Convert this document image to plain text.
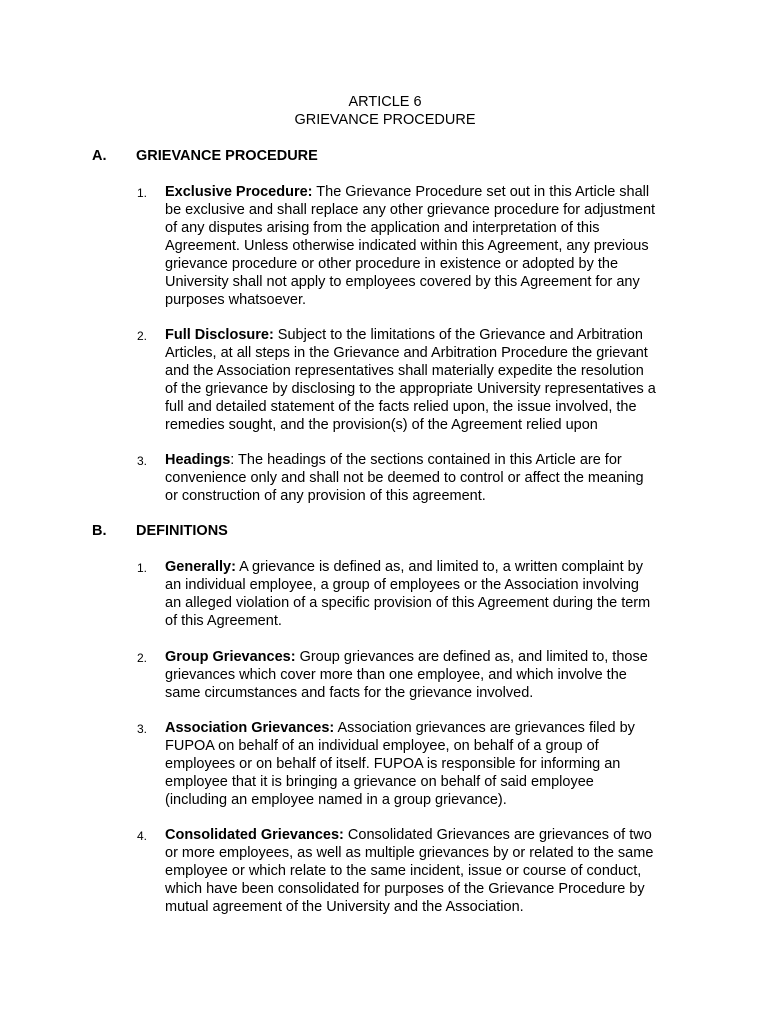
ARTICLE 6
GRIEVANCE PROCEDURE
A. GRIEVANCE PROCEDURE
1. Exclusive Procedure: The Grievance Procedure set out in this Article shall
be exclusive and shall replace any other grievance procedure for adjustment
of any disputes arising from the application and interpretation of this
Agreement. Unless otherwise indicated within this Agreement, any previous
grievance procedure or other procedure in existence or adopted by the
University shall not apply to employees covered by this Agreement for any
purposes whatsoever.
2. Full Disclosure: Subject to the limitations of the Grievance and Arbitration
Articles, at all steps in the Grievance and Arbitration Procedure the grievant
and the Association representatives shall materially expedite the resolution
of the grievance by disclosing to the appropriate University representatives a
full and detailed statement of the facts relied upon, the issue involved, the
remedies sought, and the provision(s) of the Agreement relied upon
3. Headings: The headings of the sections contained in this Article are for
convenience only and shall not be deemed to control or affect the meaning
or construction of any provision of this agreement.
B. DEFINITIONS
1. Generally: A grievance is defined as, and limited to, a written complaint by
an individual employee, a group of employees or the Association involving
an alleged violation of a specific provision of this Agreement during the term
of this Agreement.
2. Group Grievances: Group grievances are defined as, and limited to, those
grievances which cover more than one employee, and which involve the
same circumstances and facts for the grievance involved.
3. Association Grievances: Association grievances are grievances filed by
FUPOA on behalf of an individual employee, on behalf of a group of
employees or on behalf of itself. FUPOA is responsible for informing an
employee that it is bringing a grievance on behalf of said employee
(including an employee named in a group grievance).
4. Consolidated Grievances: Consolidated Grievances are grievances of two
or more employees, as well as multiple grievances by or related to the same
employee or which relate to the same incident, issue or course of conduct,
which have been consolidated for purposes of the Grievance Procedure by
mutual agreement of the University and the Association.
